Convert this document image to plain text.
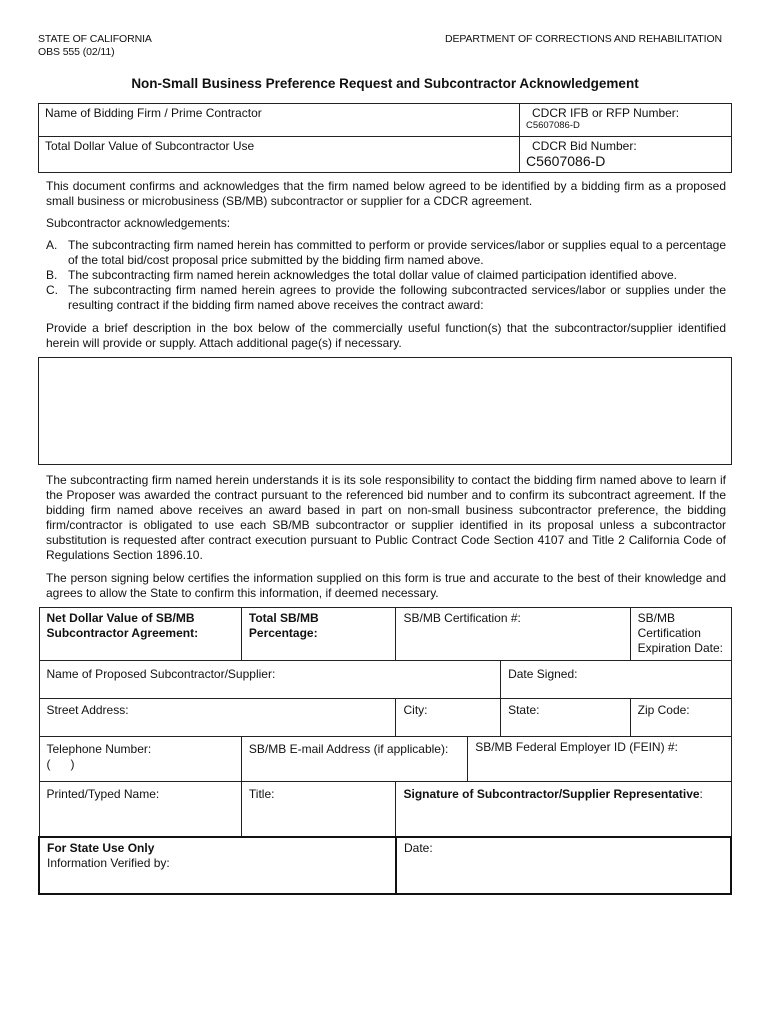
STATE OF CALIFORNIA
OBS 555 (02/11)
DEPARTMENT OF CORRECTIONS AND REHABILITATION
Non-Small Business Preference Request and Subcontractor Acknowledgement
Name of Bidding Firm / Prime Contractor	CDCR IFB or RFP Number:
C5607086-D

Total Dollar Value of Subcontractor Use	CDCR Bid Number:
C5607086-D
This document confirms and acknowledges that the firm named below agreed to be identified by a bidding firm as a proposed small business or microbusiness (SB/MB) subcontractor or supplier for a CDCR agreement.
Subcontractor acknowledgements:
A. The subcontracting firm named herein has committed to perform or provide services/labor or supplies equal to a percentage of the total bid/cost proposal price submitted by the bidding firm named above.
B. The subcontracting firm named herein acknowledges the total dollar value of claimed participation identified above.
C. The subcontracting firm named herein agrees to provide the following subcontracted services/labor or supplies under the resulting contract if the bidding firm named above receives the contract award:
Provide a brief description in the box below of the commercially useful function(s) that the subcontractor/supplier identified herein will provide or supply. Attach additional page(s) if necessary.
The subcontracting firm named herein understands it is its sole responsibility to contact the bidding firm named above to learn if the Proposer was awarded the contract pursuant to the referenced bid number and to confirm its subcontract agreement. If the bidding firm named above receives an award based in part on non-small business subcontractor preference, the bidding firm/contractor is obligated to use each SB/MB subcontractor or supplier identified in its proposal unless a subcontractor substitution is requested after contract execution pursuant to Public Contract Code Section 4107 and Title 2 California Code of Regulations Section 1896.10.
The person signing below certifies the information supplied on this form is true and accurate to the best of their knowledge and agrees to allow the State to confirm this information, if deemed necessary.
Net Dollar Value of SB/MB Subcontractor Agreement:	Total SB/MB Percentage:	SB/MB Certification #:			SB/MB Certification Expiration Date:
Name of Proposed Subcontractor/Supplier:				Date Signed:	
Street Address:		City:		State:	Zip Code:

Telephone Number:
(      )	SB/MB E-mail Address (if applicable):		SB/MB Federal Employer ID (FEIN) #:		
Printed/Typed Name:	Title:	Signature of Subcontractor/Supplier Representative:			

For State Use Only
Information Verified by:		Date:			
